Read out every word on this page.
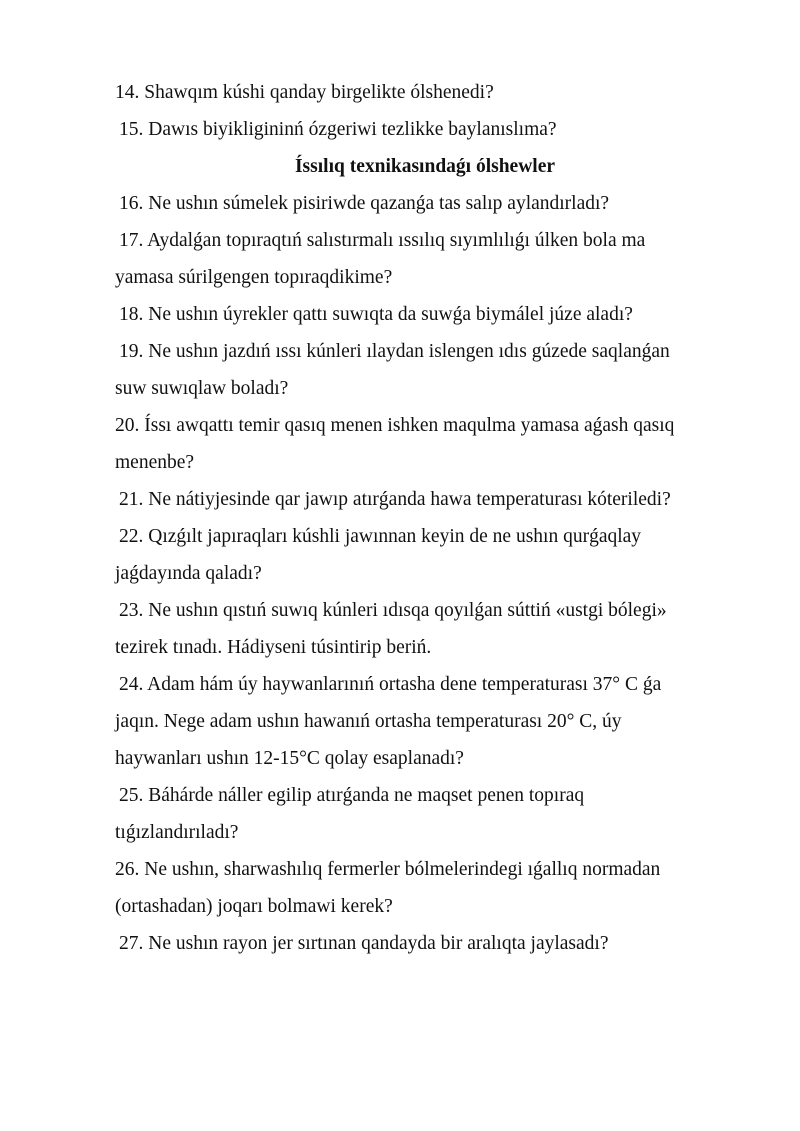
14. Shawqım kúshi qanday birgelikte ólshenedi?
15. Dawıs biyikligininń ózgeriwi tezlikke baylanıslıma?
Íssılıq texnikasındaǵı ólshewler
16. Ne ushın súmelek pisiriwde qazanǵa tas salıp aylandırladı?
17. Aydalǵan topıraqtıń salıstırmalı ıssılıq sıyımlılıǵı úlken bola ma
yamasa súrilgengen topıraqdikime?
18. Ne ushın úyrekler qattı suwıqta da suwǵa biymálel júze aladı?
19. Ne ushın jazdıń ıssı kúnleri ılaydan islengen ıdıs gúzede saqlanǵan
suw suwıqlaw boladı?
20. Íssı awqattı temir qasıq menen ishken maqulma yamasa aǵash qasıq
menenbe?
21. Ne nátiyjesinde qar jawıp atırǵanda hawa temperaturası kóteriledi?
22. Qızǵılt japıraqları kúshli jawınnan keyin de ne ushın qurǵaqlay
jaǵdayında qaladı?
23. Ne ushın qıstıń suwıq kúnleri ıdısqa qoyılǵan súttiń «ustgi bólegi»
tezirek tınadı. Hádiyseni túsintirip beriń.
24. Adam hám úy haywanlarınıń ortasha dene temperaturası 37° C ǵa
jaqın. Nege adam ushın hawanıń ortasha temperaturası 20° C, úy
haywanları ushın 12-15°C qolay esaplanadı?
25. Báhárde náller egilip atırǵanda ne maqset penen topıraq
tıǵızlandırıladı?
26. Ne ushın, sharwashılıq fermerler bólmelerindegi ıǵallıq normadan
(ortashadan) joqarı bolmawi kerek?
27. Ne ushın rayon jer sırtınan qandayda bir aralıqta jaylasadı?
